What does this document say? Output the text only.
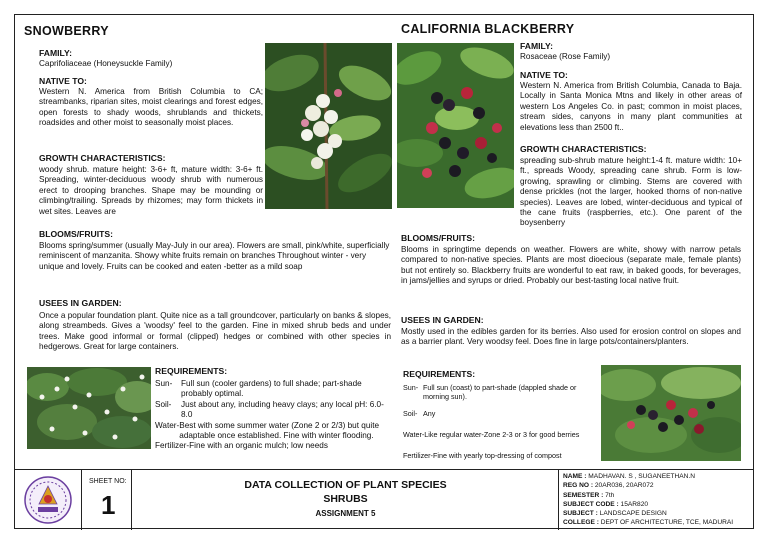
SNOWBERRY
FAMILY:
Caprifoliaceae (Honeysuckle Family)
NATIVE TO:
Western N. America from British Columbia to CA; streambanks, riparian sites, moist clearings and forest edges, open forests to shady woods, shrublands and thickets, roadsides and other moist to seasonally moist places.
GROWTH CHARACTERISTICS:
woody shrub. mature height: 3-6+ ft, mature width: 3-6+ ft. Spreading, winter-deciduous woody shrub with numerous erect to drooping branches. Shape may be mounding or climbing/trailing. Spreads by rhizomes; may form thickets in wet sites. Leaves are
BLOOMS/FRUITS:
Blooms spring/summer (usually May-July in our area). Flowers are small, pink/white, superficially reminiscent of manzanita. Showy white fruits remain on branches Throughout winter - very unique and lovely. Fruits can be cooked and eaten -better as a mild soap
USEES IN GARDEN:
Once a popular foundation plant. Quite nice as a tall groundcover, particularly on banks & slopes, along streambeds. Gives a 'woodsy' feel to the garden. Fine in mixed shrub beds and under trees. Make good informal or formal (clipped) hedges or combined with other species in hedgerows. Great for large containers.
REQUIREMENTS:
Sun-	Full sun (cooler gardens) to full shade; part-shade probably optimal.
Soil-	Just about any, including heavy clays; any local pH: 6.0-8.0
Water- Best with some summer water (Zone 2 or 2/3) but quite adaptable once established. Fine with winter flooding.
Fertilizer- Fine with an organic mulch; low needs
CALIFORNIA BLACKBERRY
FAMILY:
Rosaceae (Rose Family)
NATIVE TO:
Western N. America from British Columbia, Canada to Baja. Locally in Santa Monica Mtns and likely in other areas of western Los Angeles Co. in past; common in moist places, stream sides, canyons in many plant communities at elevations less than 2500 ft..
GROWTH CHARACTERISTICS:
spreading sub-shrub mature height:1-4 ft. mature width: 10+ ft., spreads Woody, spreading cane shrub. Form is low-growing, sprawling or climbing. Stems are covered with dense prickles (not the larger, hooked thorns of non-native species). Leaves are lobed, winter-deciduous and typical of the cane fruits (raspberries, etc.). One parent of the boysenberry
BLOOMS/FRUITS:
Blooms in springtime depends on weather. Flowers are white, showy with narrow petals compared to non-native species. Plants are most dioecious (separate male, female plants) but not entirely so. Blackberry fruits are wonderful to eat raw, in baked goods, for beverages, in jams/jellies and syrups or dried. Probably our best-tasting local native fruit.
USEES IN GARDEN:
Mostly used in the edibles garden for its berries. Also used for erosion control on slopes and as a barrier plant. Very woodsy feel. Does fine in large pots/containers/planters.
REQUIREMENTS:
Sun- Full sun (coast) to part-shade (dappled shade or morning sun).
Soil- Any
Water- Like regular water-Zone 2-3 or 3 for good berries
Fertilizer- Fine with yearly top-dressing of compost
SHEET NO:
1
DATA COLLECTION OF PLANT SPECIES
SHRUBS
ASSIGNMENT 5
NAME : MADHAVAN. S , SUGANEETHAN.N
REG NO : 20AR036, 20AR072
SEMESTER : 7th
SUBJECT CODE : 15AR820
SUBJECT : LANDSCAPE DESIGN
COLLEGE : DEPT OF ARCHITECTURE, TCE, MADURAI
